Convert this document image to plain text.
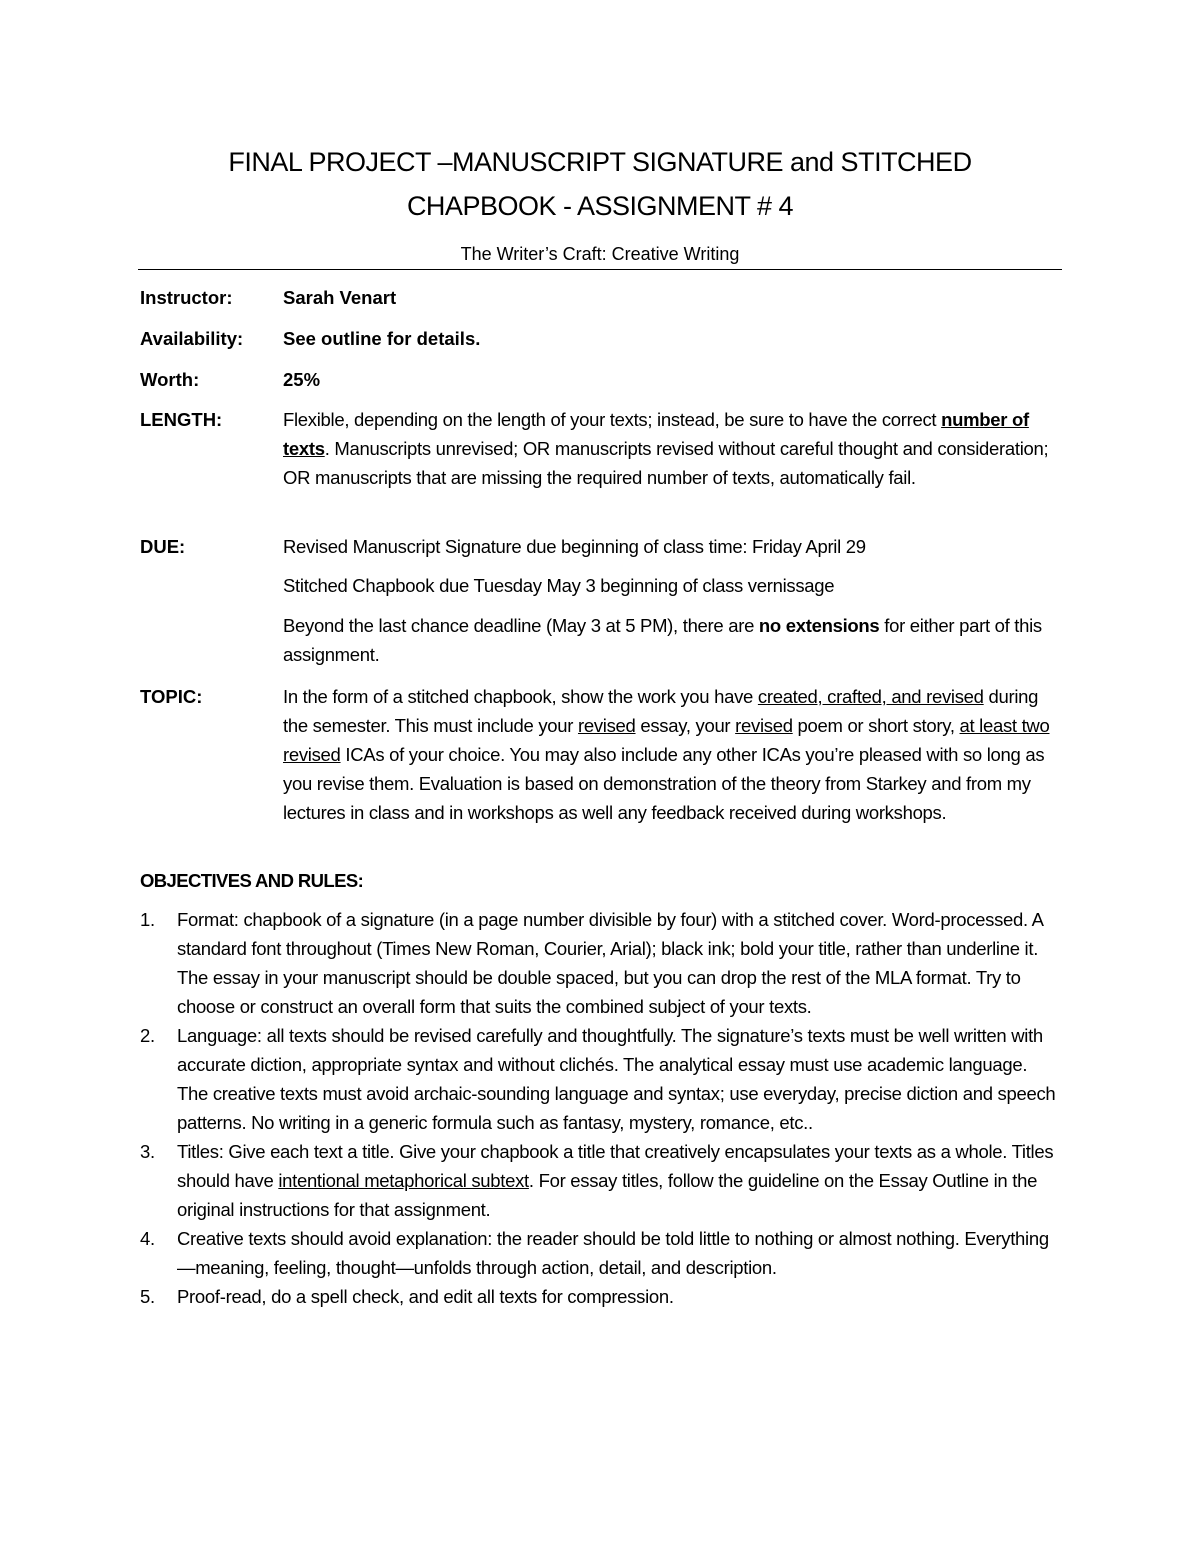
FINAL PROJECT –MANUSCRIPT SIGNATURE and STITCHED
CHAPBOOK - ASSIGNMENT # 4
The Writer’s Craft: Creative Writing
Instructor:	Sarah Venart
Availability:	See outline for details.
Worth:	25%
LENGTH:	Flexible, depending on the length of your texts; instead, be sure to have the correct number of texts. Manuscripts unrevised; OR manuscripts revised without careful thought and consideration; OR manuscripts that are missing the required number of texts, automatically fail.
DUE:	Revised Manuscript Signature due beginning of class time: Friday April 29
Stitched Chapbook due Tuesday May 3 beginning of class vernissage
Beyond the last chance deadline (May 3 at 5 PM), there are no extensions for either part of this assignment.
TOPIC:	In the form of a stitched chapbook, show the work you have created, crafted, and revised during the semester. This must include your revised essay, your revised poem or short story, at least two revised ICAs of your choice. You may also include any other ICAs you’re pleased with so long as you revise them. Evaluation is based on demonstration of the theory from Starkey and from my lectures in class and in workshops as well any feedback received during workshops.
OBJECTIVES AND RULES:
1.	Format: chapbook of a signature (in a page number divisible by four) with a stitched cover. Word-processed. A standard font throughout (Times New Roman, Courier, Arial); black ink; bold your title, rather than underline it. The essay in your manuscript should be double spaced, but you can drop the rest of the MLA format. Try to choose or construct an overall form that suits the combined subject of your texts.
2.	Language: all texts should be revised carefully and thoughtfully. The signature’s texts must be well written with accurate diction, appropriate syntax and without clichés. The analytical essay must use academic language. The creative texts must avoid archaic-sounding language and syntax; use everyday, precise diction and speech patterns. No writing in a generic formula such as fantasy, mystery, romance, etc..
3.	Titles: Give each text a title. Give your chapbook a title that creatively encapsulates your texts as a whole. Titles should have intentional metaphorical subtext. For essay titles, follow the guideline on the Essay Outline in the original instructions for that assignment.
4.	Creative texts should avoid explanation: the reader should be told little to nothing or almost nothing. Everything—meaning, feeling, thought—unfolds through action, detail, and description.
5.	Proof-read, do a spell check, and edit all texts for compression.
